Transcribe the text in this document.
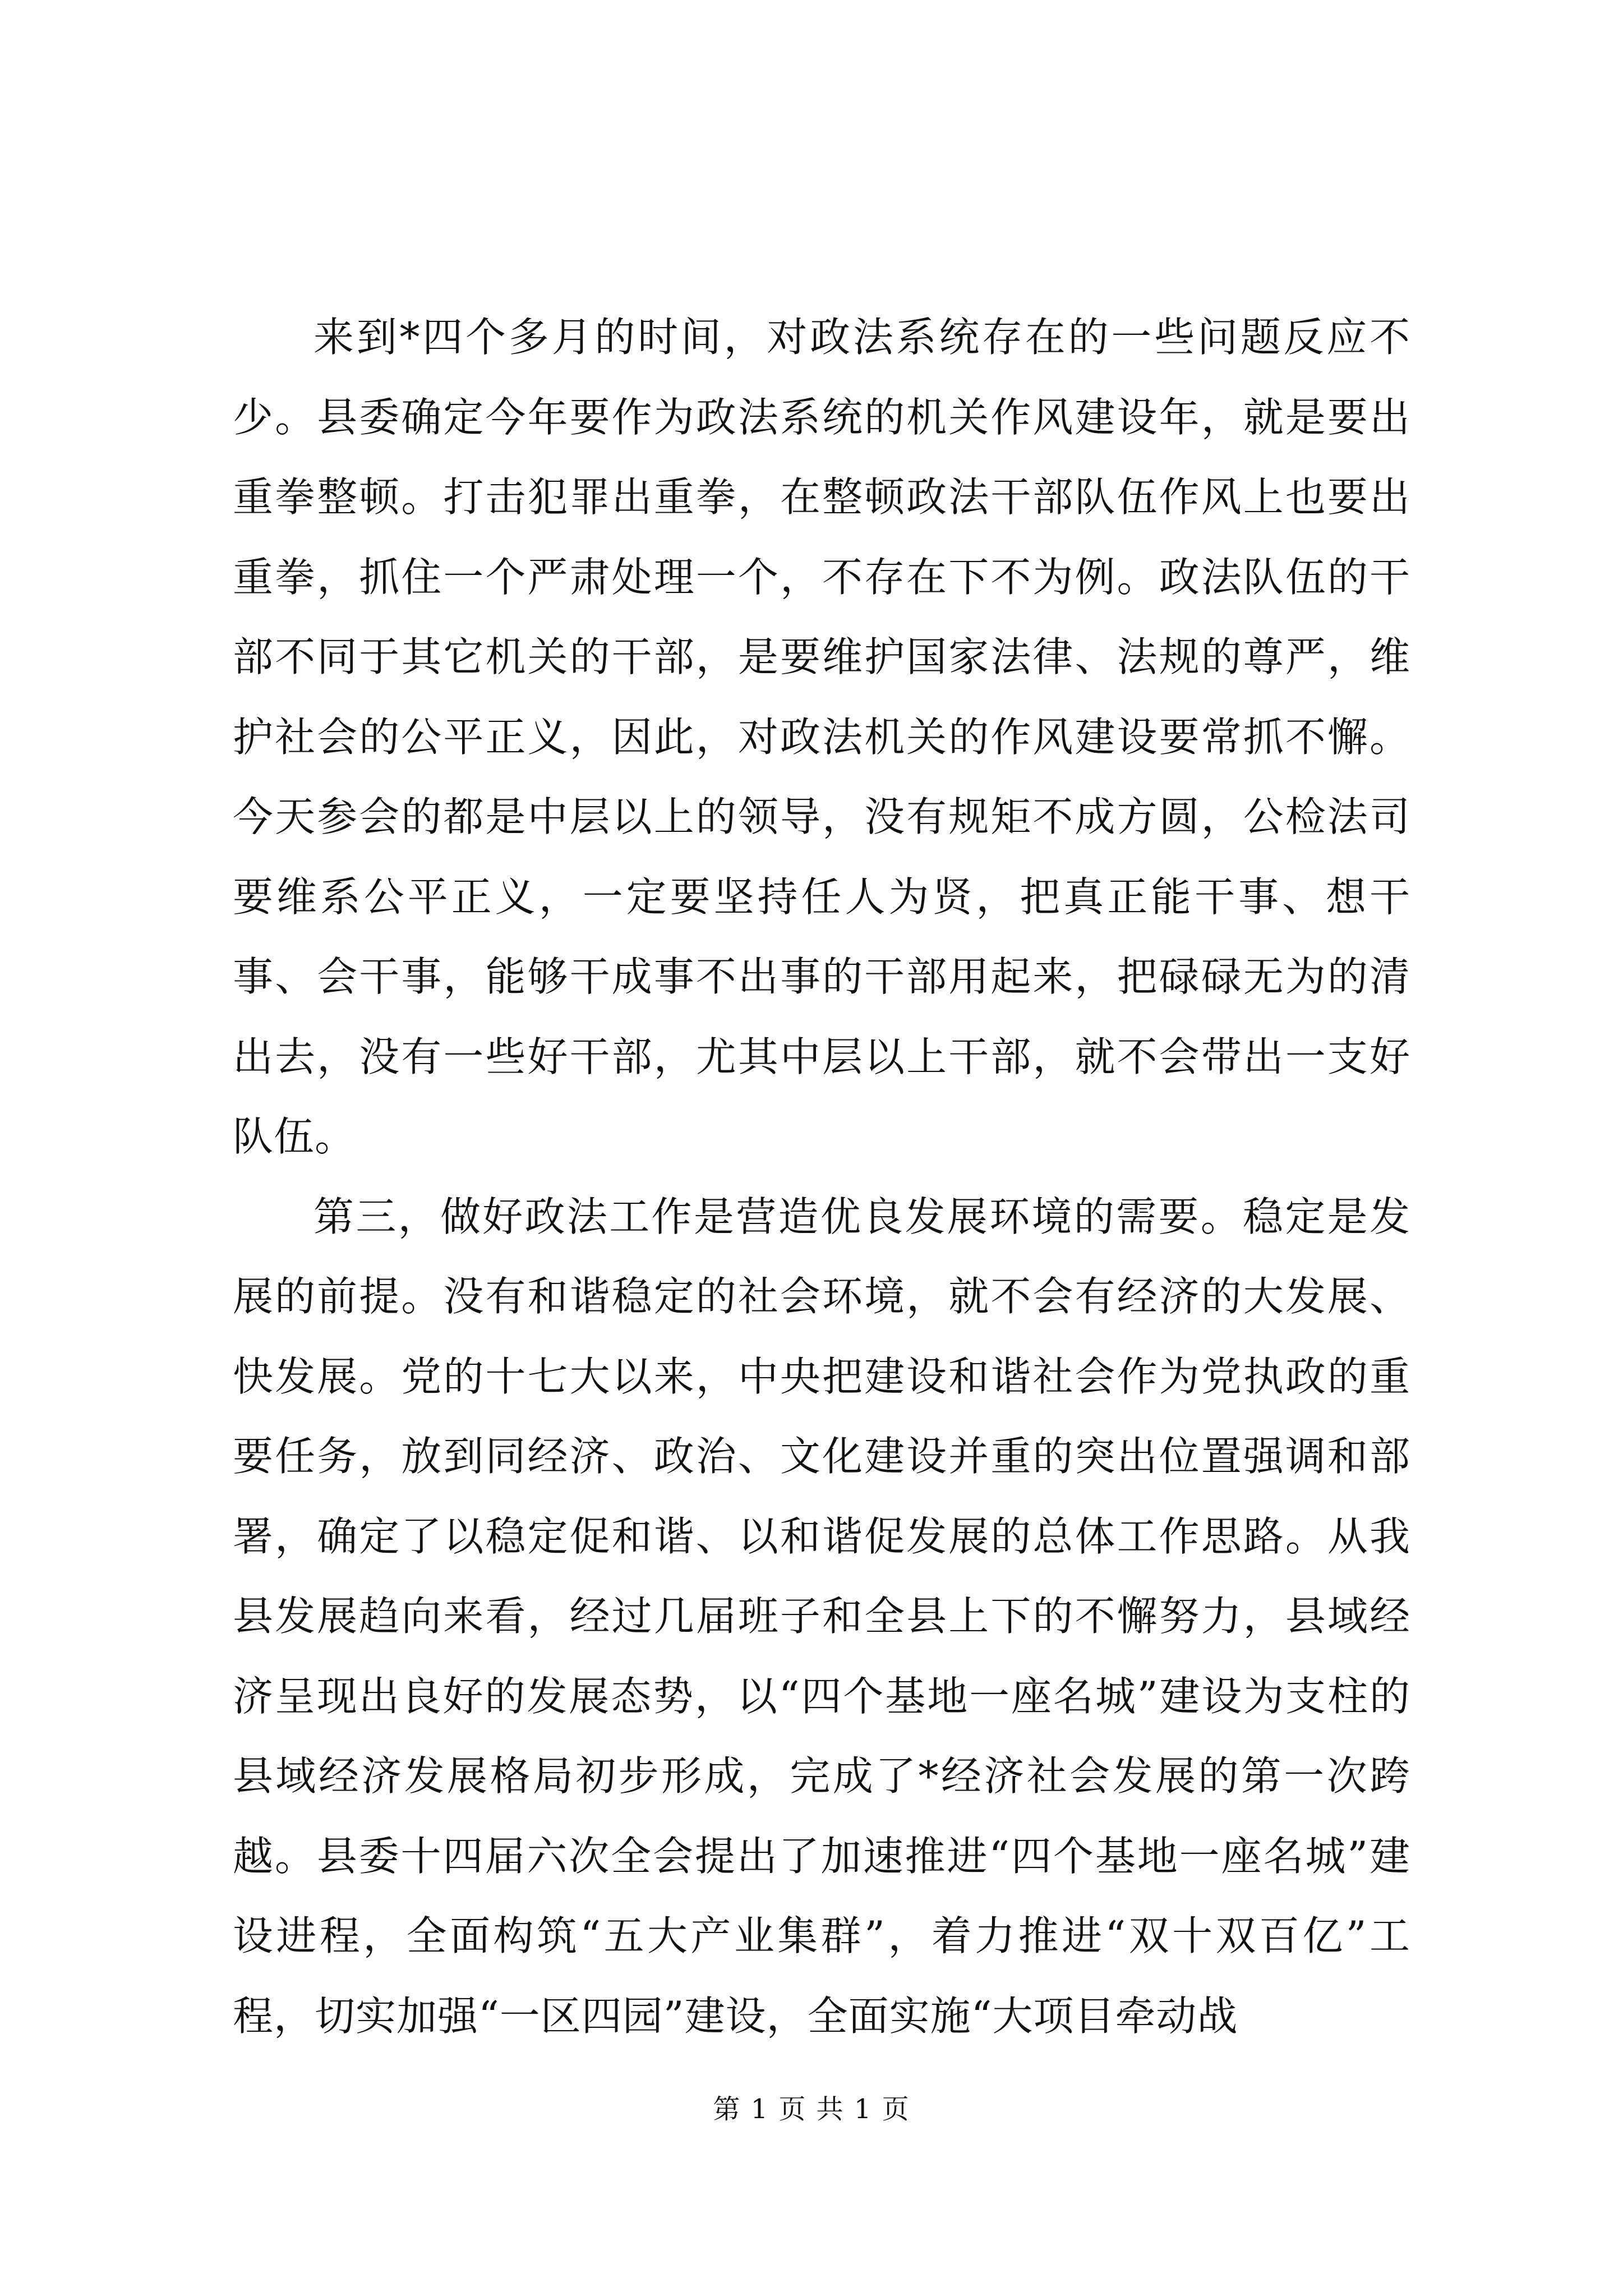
来到*四个多月的时间，对政法系统存在的一些问题反应不少。县委确定今年要作为政法系统的机关作风建设年，就是要出重拳整顿。打击犯罪出重拳，在整顿政法干部队伍作风上也要出重拳，抓住一个严肃处理一个，不存在下不为例。政法队伍的干部不同于其它机关的干部，是要维护国家法律、法规的尊严，维护社会的公平正义，因此，对政法机关的作风建设要常抓不懈。今天参会的都是中层以上的领导，没有规矩不成方圆，公检法司要维系公平正义，一定要坚持任人为贤，把真正能干事、想干事、会干事，能够干成事不出事的干部用起来，把碌碌无为的清出去，没有一些好干部，尤其中层以上干部，就不会带出一支好队伍。

第三，做好政法工作是营造优良发展环境的需要。稳定是发展的前提。没有和谐稳定的社会环境，就不会有经济的大发展、快发展。党的十七大以来，中央把建设和谐社会作为党执政的重要任务，放到同经济、政治、文化建设并重的突出位置强调和部署，确定了以稳定促和谐、以和谐促发展的总体工作思路。从我县发展趋向来看，经过几届班子和全县上下的不懈努力，县域经济呈现出良好的发展态势，以“四个基地一座名城”建设为支柱的县域经济发展格局初步形成，完成了*经济社会发展的第一次跨越。县委十四届六次全会提出了加速推进“四个基地一座名城”建设进程，全面构筑“五大产业集群”，着力推进“双十双百亿”工程，切实加强“一区四园”建设，全面实施“大项目牵动战

第 1 页 共 1 页
